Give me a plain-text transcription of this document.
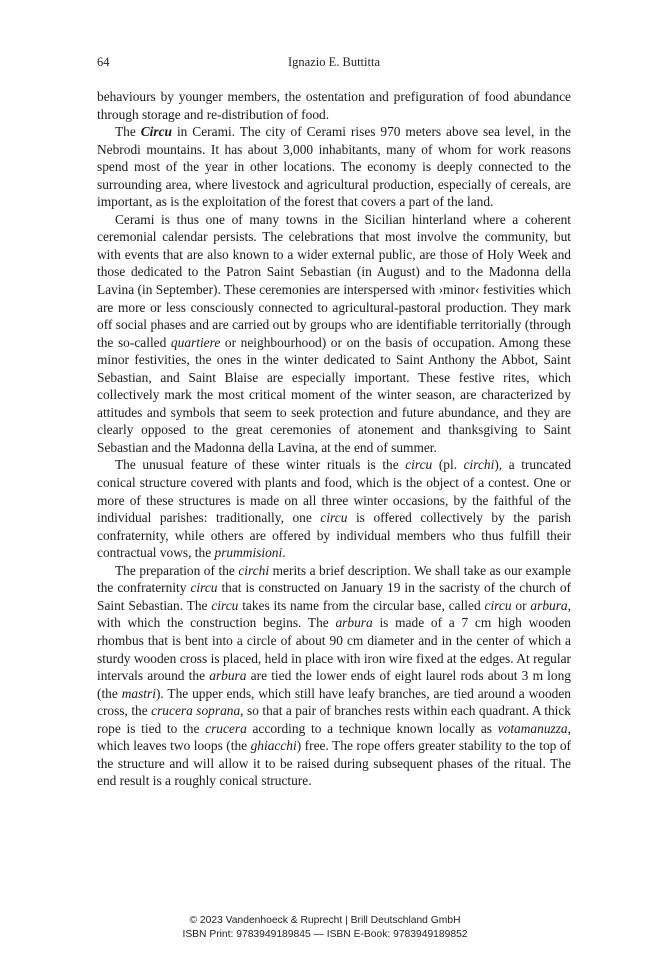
64	Ignazio E. Buttitta

behaviours by younger members, the ostentation and prefiguration of food abundance through storage and re-distribution of food.

The Circu in Cerami. The city of Cerami rises 970 meters above sea level, in the Nebrodi mountains. It has about 3,000 inhabitants, many of whom for work reasons spend most of the year in other locations. The economy is deeply connected to the surrounding area, where livestock and agricultural production, especially of cereals, are important, as is the exploitation of the forest that covers a part of the land.

Cerami is thus one of many towns in the Sicilian hinterland where a coherent ceremonial calendar persists. The celebrations that most involve the community, but with events that are also known to a wider external public, are those of Holy Week and those dedicated to the Patron Saint Sebastian (in August) and to the Madonna della Lavina (in September). These ceremonies are interspersed with ›minor‹ festivities which are more or less consciously connected to agricultural-pastoral production. They mark off social phases and are carried out by groups who are identifiable territorially (through the so-called quartiere or neighbourhood) or on the basis of occupation. Among these minor festivities, the ones in the winter dedicated to Saint Anthony the Abbot, Saint Sebastian, and Saint Blaise are especially important. These festive rites, which collectively mark the most critical moment of the winter season, are characterized by attitudes and symbols that seem to seek protection and future abundance, and they are clearly opposed to the great ceremonies of atonement and thanksgiving to Saint Sebastian and the Madonna della Lavina, at the end of summer.

The unusual feature of these winter rituals is the circu (pl. circhi), a truncated conical structure covered with plants and food, which is the object of a contest. One or more of these structures is made on all three winter occasions, by the faithful of the individual parishes: traditionally, one circu is offered collectively by the parish confraternity, while others are offered by individual members who thus fulfill their contractual vows, the prummisioni.

The preparation of the circhi merits a brief description. We shall take as our example the confraternity circu that is constructed on January 19 in the sacristy of the church of Saint Sebastian. The circu takes its name from the circular base, called circu or arbura, with which the construction begins. The arbura is made of a 7 cm high wooden rhombus that is bent into a circle of about 90 cm diameter and in the center of which a sturdy wooden cross is placed, held in place with iron wire fixed at the edges. At regular intervals around the arbura are tied the lower ends of eight laurel rods about 3 m long (the mastri). The upper ends, which still have leafy branches, are tied around a wooden cross, the crucera soprana, so that a pair of branches rests within each quadrant. A thick rope is tied to the crucera according to a technique known locally as votamanuzza, which leaves two loops (the ghiacchi) free. The rope offers greater stability to the top of the structure and will allow it to be raised during subsequent phases of the ritual. The end result is a roughly conical structure.

© 2023 Vandenhoeck & Ruprecht | Brill Deutschland GmbH
ISBN Print: 9783949189845 — ISBN E-Book: 9783949189852
